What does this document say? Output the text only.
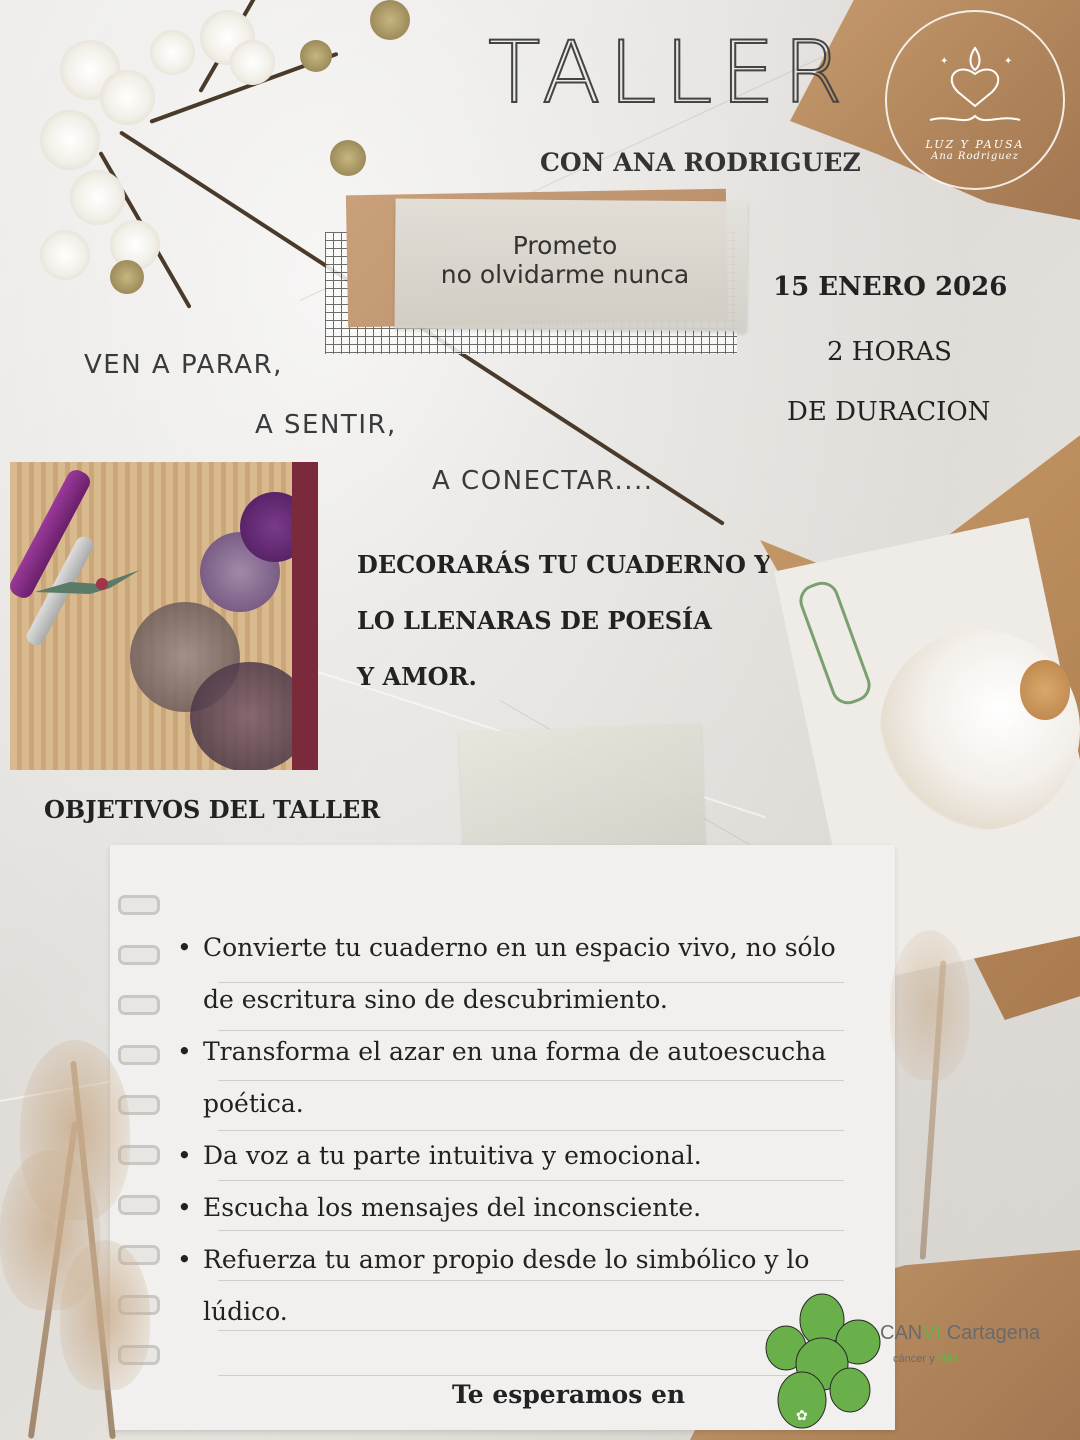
TALLER
CON ANA RODRIGUEZ
✦	✦
LUZ Y PAUSA
Ana Rodriguez
Prometo
no olvidarme nunca	15 ENERO 2026
2 HORAS
DE DURACION
VEN A PARAR,
A SENTIR,
A CONECTAR....
DECORARÁS TU CUADERNO Y
LO LLENARAS DE POESÍA
Y AMOR.
OBJETIVOS DEL TALLER
• Convierte tu cuaderno en un espacio vivo, no sólo de escritura sino de descubrimiento.
• Transforma el azar en una forma de autoescucha poética.
• Da voz a tu parte intuitiva y emocional.
• Escucha los mensajes del inconsciente.
• Refuerza tu amor propio desde lo simbólico y lo lúdico.
Te esperamos en
✿
CANVI Cartagena
cáncer y vida
